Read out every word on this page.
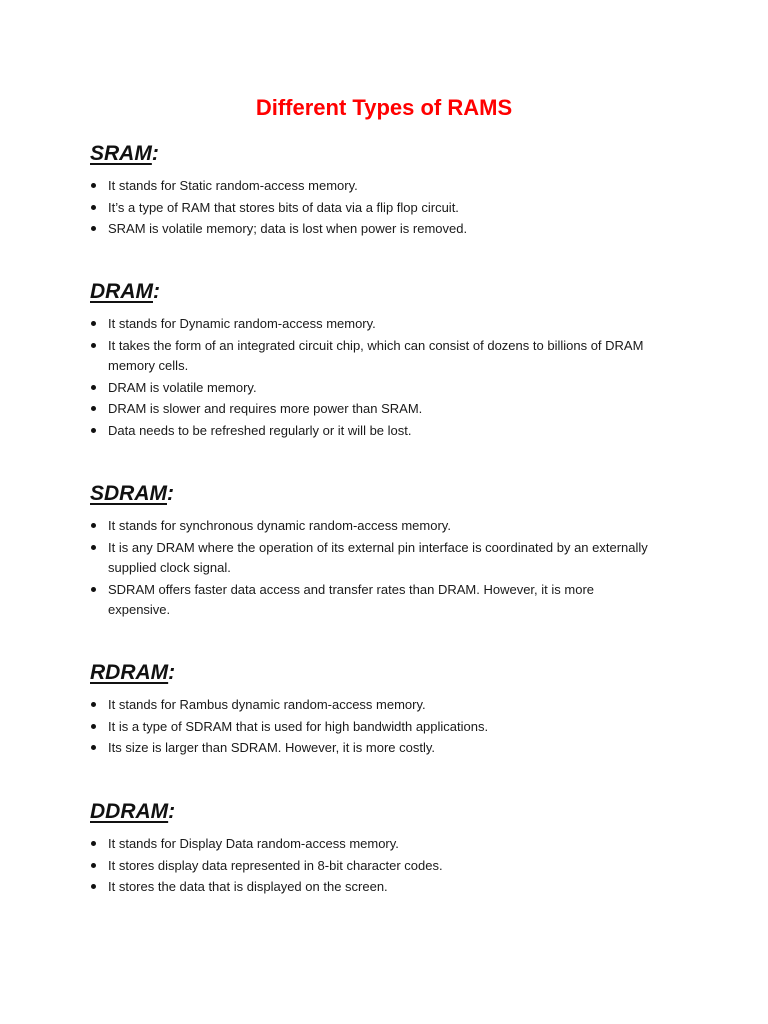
Different Types of RAMS
SRAM:
It stands for Static random-access memory.
It’s a type of RAM that stores bits of data via a flip flop circuit.
SRAM is volatile memory; data is lost when power is removed.
DRAM:
It stands for Dynamic random-access memory.
It takes the form of an integrated circuit chip, which can consist of dozens to billions of DRAM memory cells.
DRAM is volatile memory.
DRAM is slower and requires more power than SRAM.
Data needs to be refreshed regularly or it will be lost.
SDRAM:
It stands for synchronous dynamic random-access memory.
It is any DRAM where the operation of its external pin interface is coordinated by an externally supplied clock signal.
SDRAM offers faster data access and transfer rates than DRAM. However, it is more expensive.
RDRAM:
It stands for Rambus dynamic random-access memory.
It is a type of SDRAM that is used for high bandwidth applications.
Its size is larger than SDRAM. However, it is more costly.
DDRAM:
It stands for Display Data random-access memory.
It stores display data represented in 8-bit character codes.
It stores the data that is displayed on the screen.
